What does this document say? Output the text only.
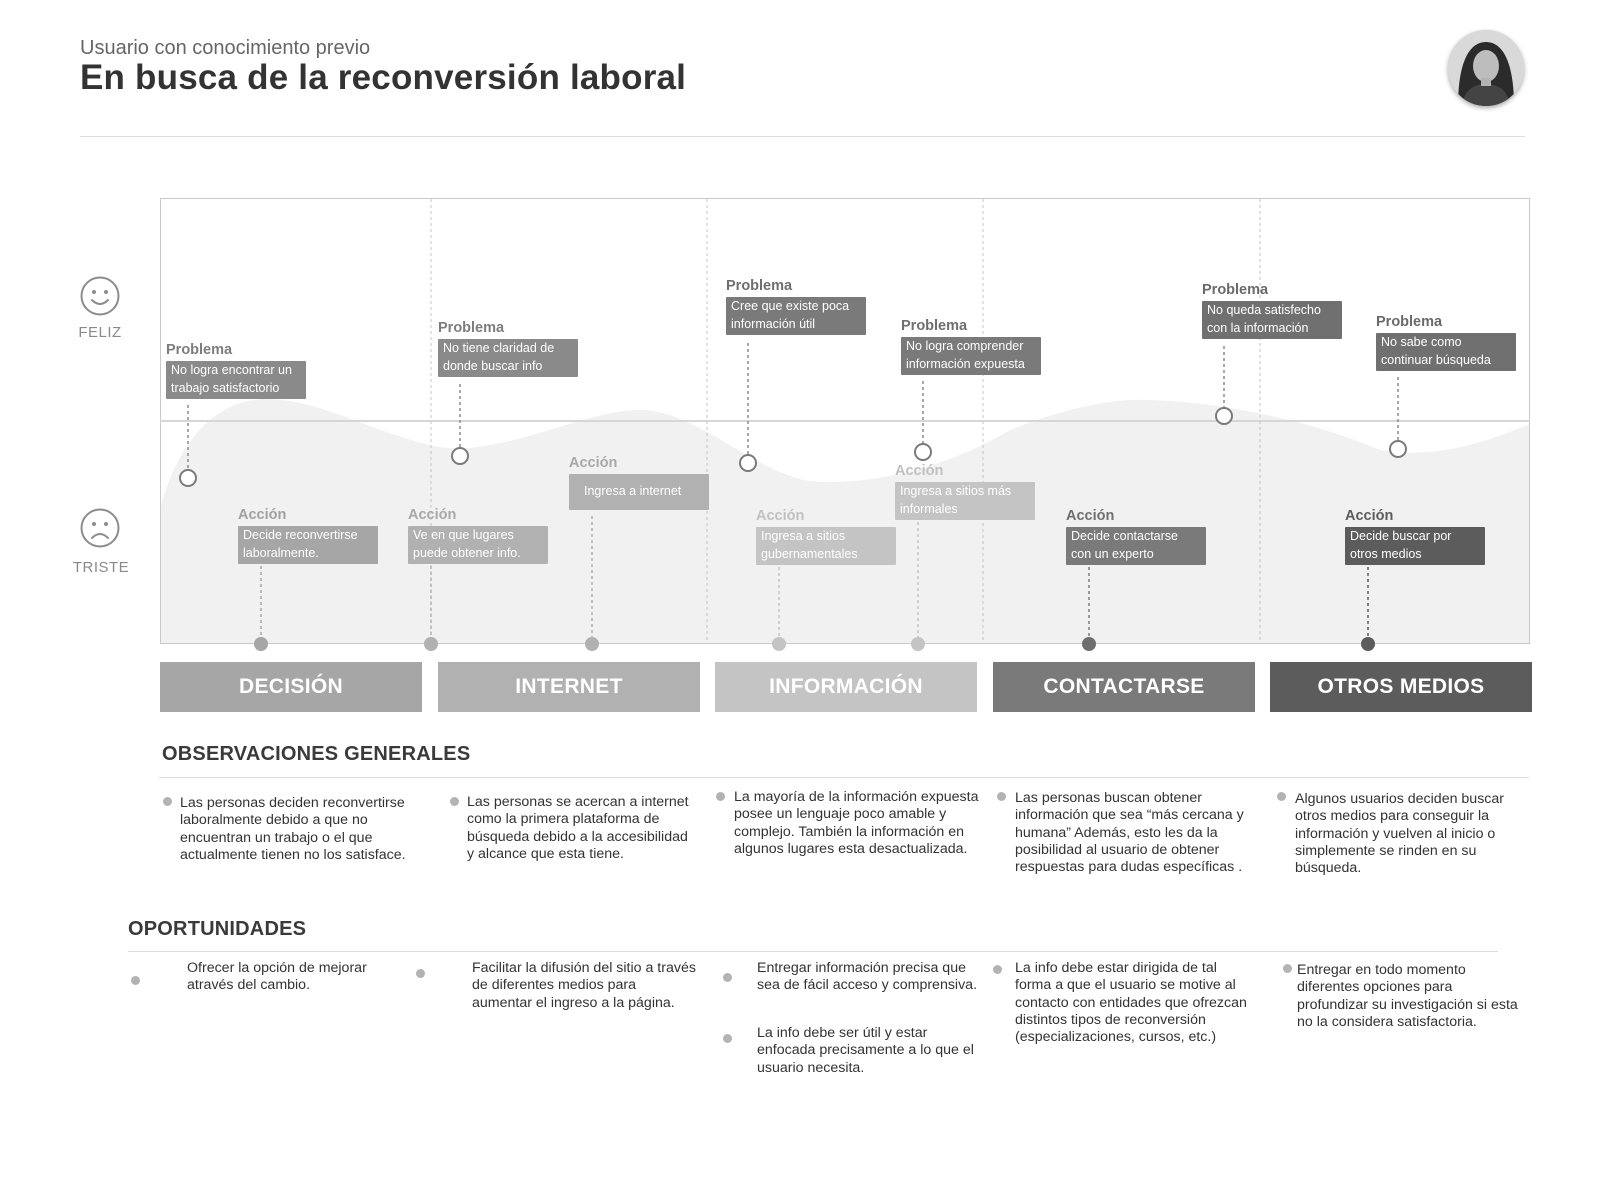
Usuario con conocimiento previo
En busca de la reconversión laboral
FELIZ
TRISTE
Problema
No logra encontrar un trabajo satisfactorio
Problema
No tiene claridad de donde buscar info
Problema
Cree que existe poca información útil	Problema
No logra comprender información expuesta
Problema
No queda satisfecho con la información	Problema
No sabe como continuar búsqueda
Acción
Decide reconvertirse laboralmente.
Acción
Ve en que lugares puede obtener info.
Acción
Ingresa a internet
Acción
Ingresa a sitios gubernamentales
Acción
Ingresa a sitios más informales	Acción
Decide contactarse con un experto
Acción
Decide buscar por otros medios
DECISIÓN	INTERNET	INFORMACIÓN	CONTACTARSE	OTROS MEDIOS
OBSERVACIONES GENERALES
Las personas deciden reconvertirse laboralmente debido a que no encuentran un trabajo o el que actualmente tienen no los satisface.
Las personas se acercan a internet como la primera plataforma de búsqueda debido a la accesibilidad y alcance que esta tiene.
La mayoría de la información expuesta posee un lenguaje poco amable y complejo. También la información en algunos lugares esta desactualizada.
Las personas buscan obtener información que sea “más cercana y humana” Además, esto les da la posibilidad al usuario de obtener respuestas para dudas específicas .
Algunos usuarios deciden buscar otros medios para conseguir la información y vuelven al inicio o simplemente se rinden en su búsqueda.
OPORTUNIDADES
Ofrecer la opción de mejorar através del cambio.
Facilitar la difusión del sitio a través de diferentes medios para aumentar el ingreso a la página.
Entregar información precisa que sea de fácil acceso y comprensiva.
La info debe ser útil y estar enfocada precisamente a lo que el usuario necesita.
La info debe estar dirigida de tal forma a que el usuario se motive al contacto con entidades que ofrezcan distintos tipos de reconversión (especializaciones, cursos, etc.)
Entregar en todo momento diferentes opciones para profundizar su investigación si esta no la considera satisfactoria.
